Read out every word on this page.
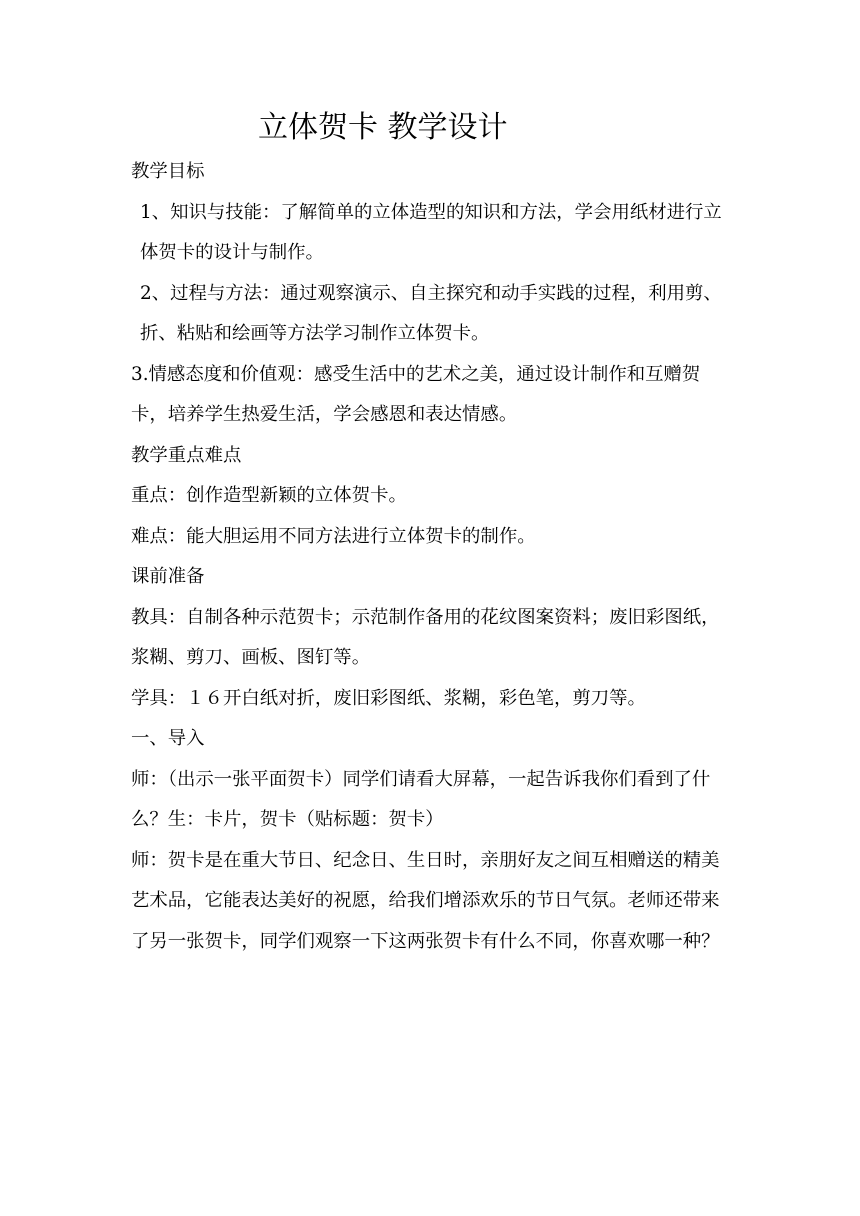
立体贺卡 教学设计

教学目标

1、知识与技能：了解简单的立体造型的知识和方法，学会用纸材进行立体贺卡的设计与制作。

2、过程与方法：通过观察演示、自主探究和动手实践的过程，利用剪、折、粘贴和绘画等方法学习制作立体贺卡。

3.情感态度和价值观：感受生活中的艺术之美，通过设计制作和互赠贺卡，培养学生热爱生活，学会感恩和表达情感。

教学重点难点

重点：创作造型新颖的立体贺卡。

难点：能大胆运用不同方法进行立体贺卡的制作。

课前准备

教具：自制各种示范贺卡；示范制作备用的花纹图案资料；废旧彩图纸，浆糊、剪刀、画板、图钉等。

学具：１６开白纸对折，废旧彩图纸、浆糊，彩色笔，剪刀等。

一、导入

师：（出示一张平面贺卡）同学们请看大屏幕，一起告诉我你们看到了什么？生：卡片，贺卡（贴标题：贺卡）

师：贺卡是在重大节日、纪念日、生日时，亲朋好友之间互相赠送的精美艺术品，它能表达美好的祝愿，给我们增添欢乐的节日气氛。老师还带来了另一张贺卡，同学们观察一下这两张贺卡有什么不同，你喜欢哪一种？
